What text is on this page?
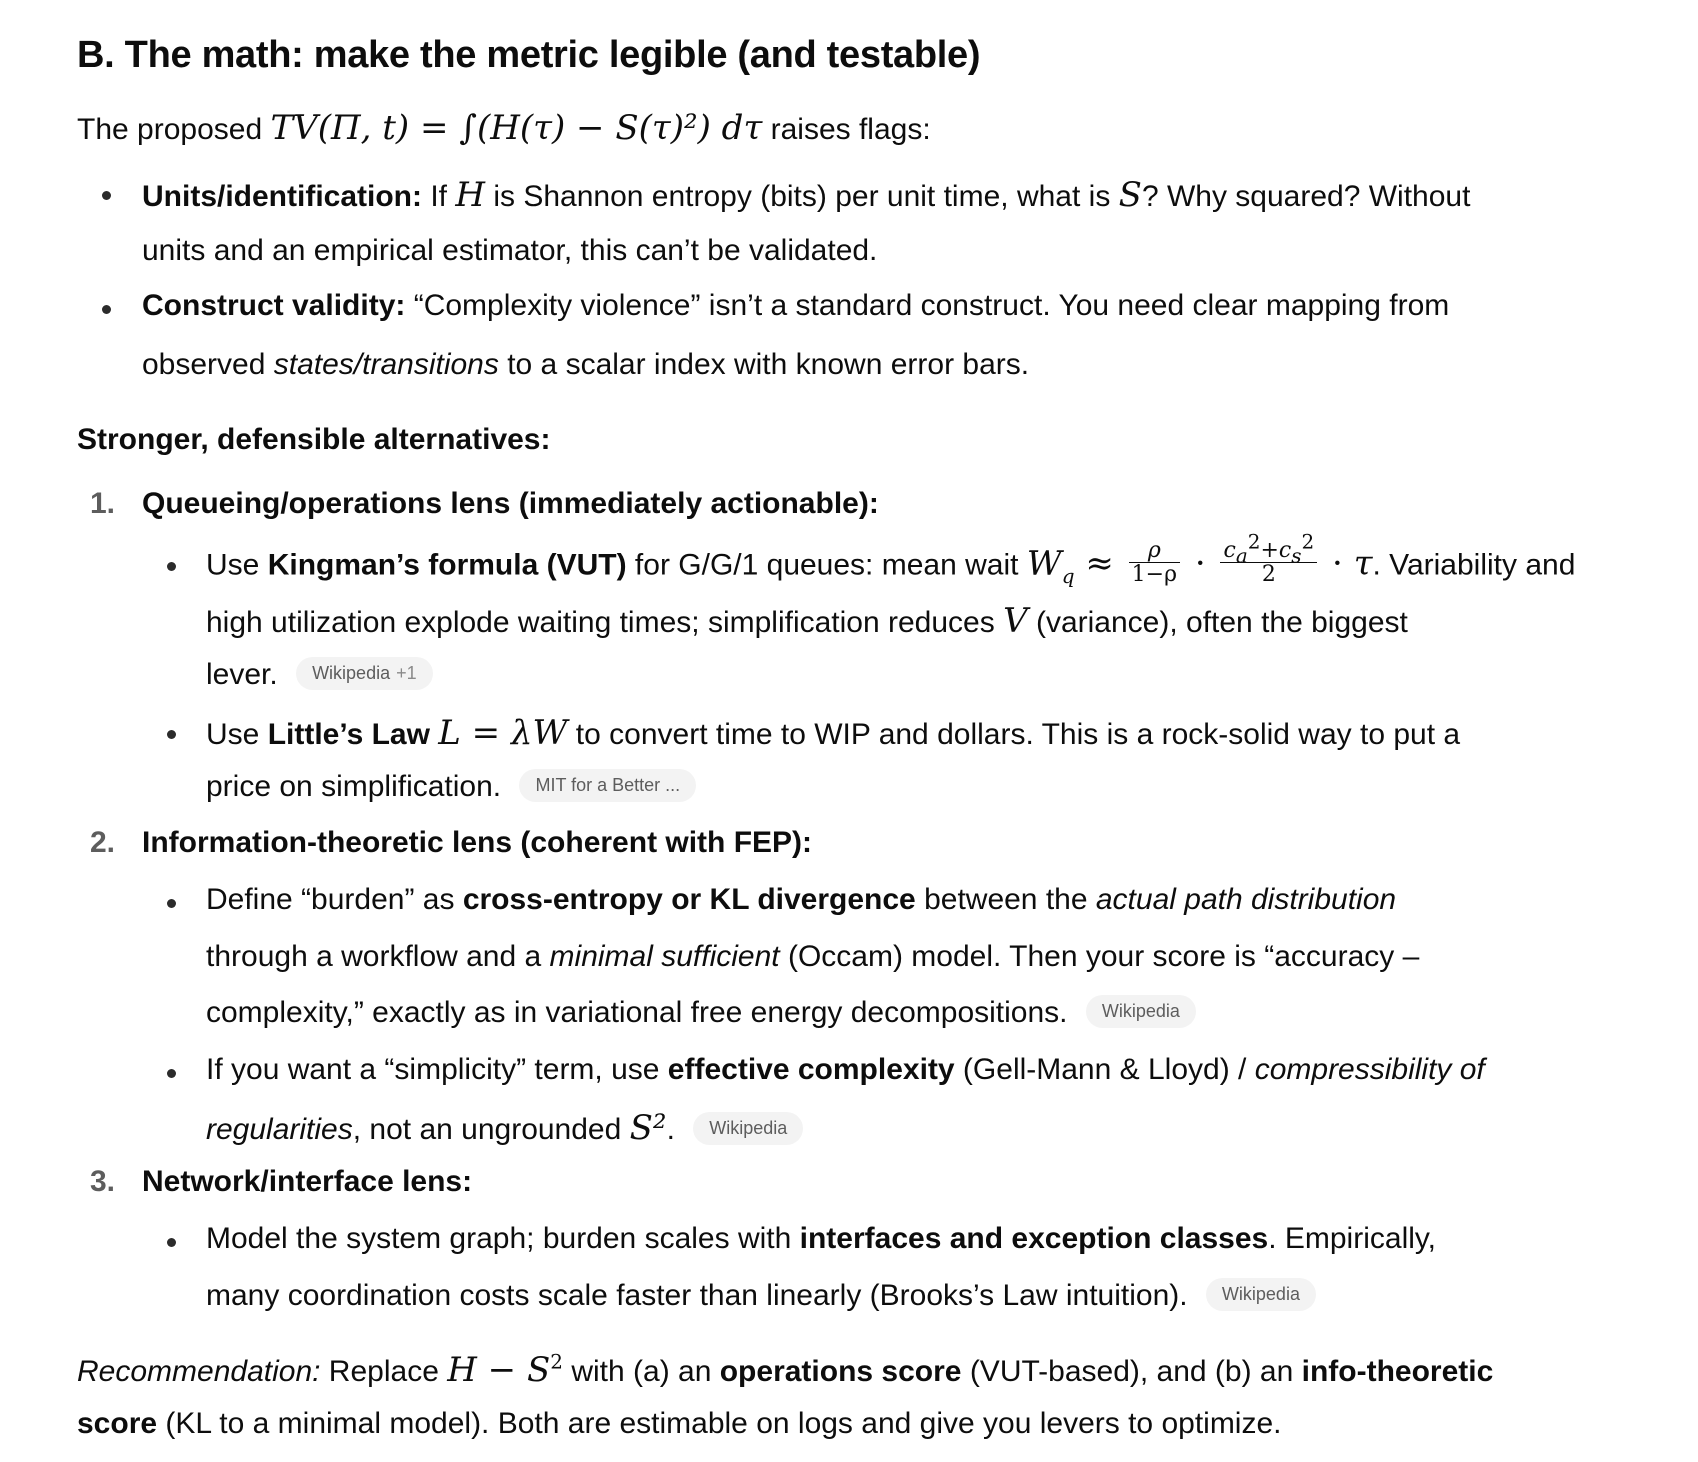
B. The math: make the metric legible (and testable)
The proposed TV(Π, t) = ∫(H(τ) − S(τ)²) dτ raises flags:
Units/identification: If H is Shannon entropy (bits) per unit time, what is S? Why squared? Without
units and an empirical estimator, this can’t be validated.
Construct validity: “Complexity violence” isn’t a standard construct. You need clear mapping from
observed states/transitions to a scalar index with known error bars.
Stronger, defensible alternatives:
1. Queueing/operations lens (immediately actionable):
Use Kingman’s formula (VUT) for G/G/1 queues: mean wait $W_q \approx \frac{\rho}{1-\rho} \cdot \frac{c_a^2+c_s^2}{2} \cdot \tau$. Variability and
high utilization explode waiting times; simplification reduces V (variance), often the biggest
lever. Wikipedia +1
Use Little’s Law L = λW to convert time to WIP and dollars. This is a rock-solid way to put a
price on simplification. MIT for a Better ...
2. Information-theoretic lens (coherent with FEP):
Define “burden” as cross-entropy or KL divergence between the actual path distribution
through a workflow and a minimal sufficient (Occam) model. Then your score is “accuracy –
complexity,” exactly as in variational free energy decompositions. Wikipedia
If you want a “simplicity” term, use effective complexity (Gell-Mann & Lloyd) / compressibility of
regularities, not an ungrounded S². Wikipedia
3. Network/interface lens:
Model the system graph; burden scales with interfaces and exception classes. Empirically,
many coordination costs scale faster than linearly (Brooks’s Law intuition). Wikipedia
Recommendation: Replace $H - S^2$ with (a) an operations score (VUT-based), and (b) an info-theoretic
score (KL to a minimal model). Both are estimable on logs and give you levers to optimize.
